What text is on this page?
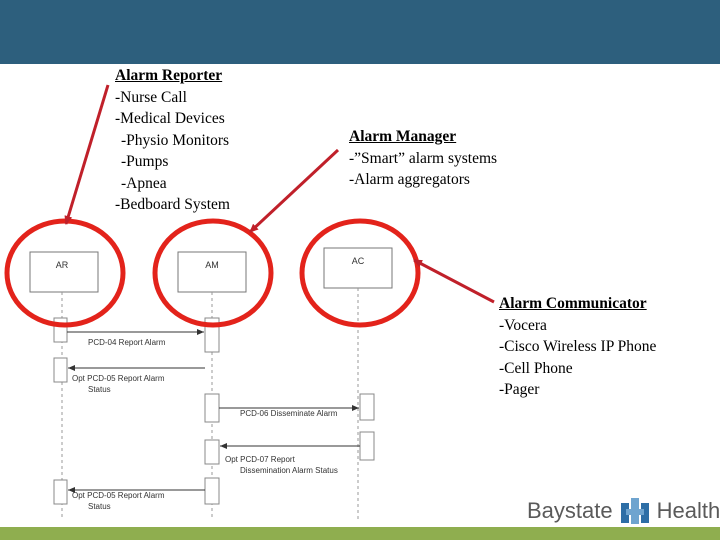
AR	AM	AC
PCD-04 Report Alarm
Opt PCD-05 Report Alarm
Status
PCD-06 Disseminate Alarm
Opt PCD-07 Report
Dissemination Alarm Status
Opt PCD-05 Report Alarm
Status
Alarm Reporter
-Nurse Call
-Medical Devices
-Physio Monitors
-Pumps
-Apnea
-Bedboard System
Alarm Manager
-”Smart” alarm systems
-Alarm aggregators
Alarm Communicator
-Vocera
-Cisco Wireless IP Phone
-Cell Phone
-Pager
Baystate Health
